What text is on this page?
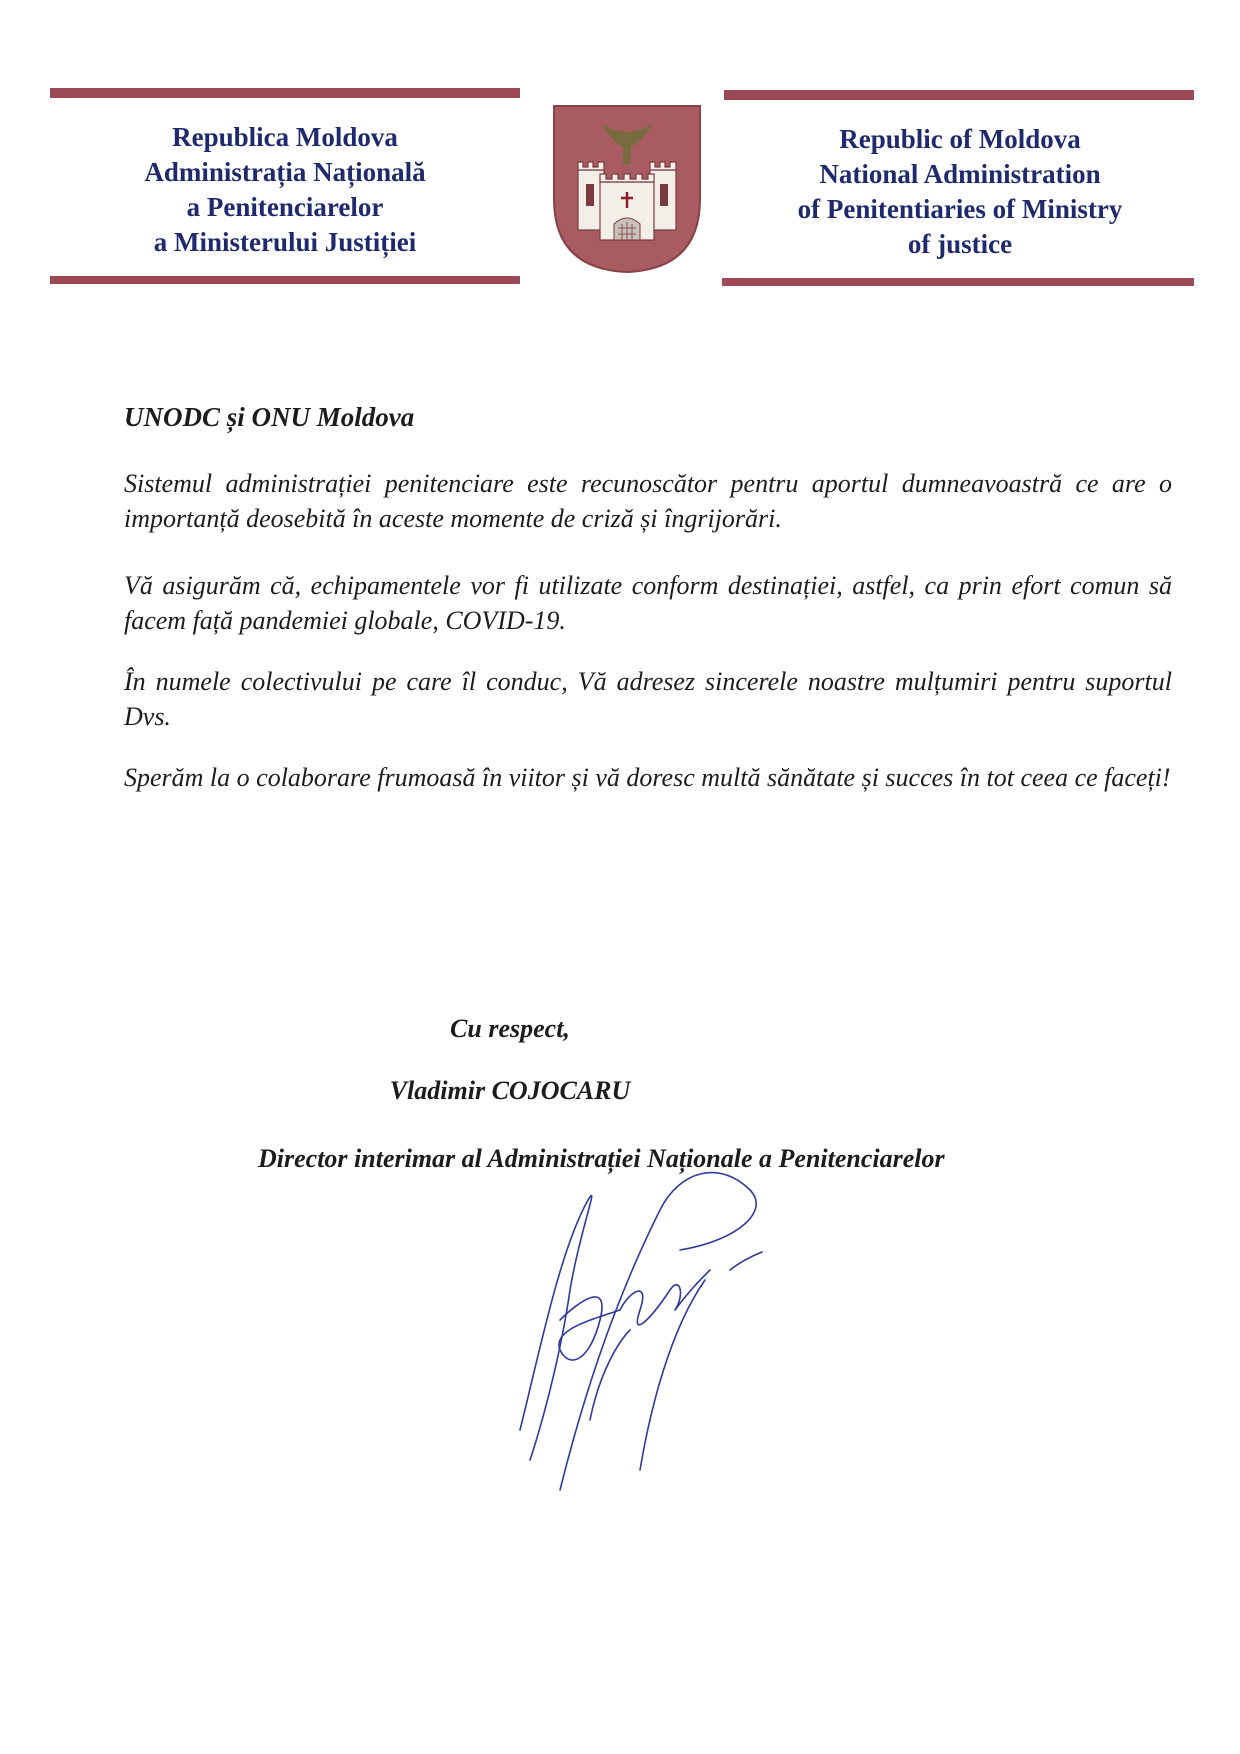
Republica Moldova
Administrația Națională
a Penitenciarelor
a Ministerului Justiției
Republic of Moldova
National Administration
of Penitentiaries of Ministry
of justice
UNODC și ONU Moldova
Sistemul administrației penitenciare este recunoscător pentru aportul dumneavoastră ce are o importanță deosebită în aceste momente de criză și îngrijorări.
Vă asigurăm că, echipamentele vor fi utilizate conform destinației, astfel, ca prin efort comun să facem față pandemiei globale, COVID-19.
În numele colectivului pe care îl conduc, Vă adresez sincerele noastre mulțumiri pentru suportul Dvs.
Sperăm la o colaborare frumoasă în viitor și vă doresc multă sănătate și succes în tot ceea ce faceți!
Cu respect,
Vladimir COJOCARU
Director interimar al Administrației Naționale a Penitenciarelor
